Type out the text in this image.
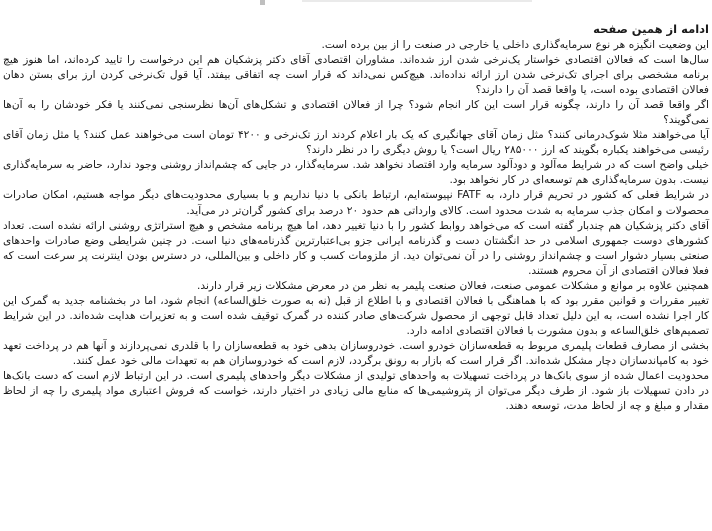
ادامه از همین صفحه

این وضعیت انگیزه هر نوع سرمایه‌گذاری داخلی یا خارجی در صنعت را از بین برده است.

سال‌ها است که فعالان اقتصادی خواستار یک‌نرخی شدن ارز شده‌اند. مشاوران اقتصادی آقای دکتر پزشکیان هم این درخواست را تایید کرده‌اند، اما هنوز هیچ برنامه مشخصی برای اجرای تک‌نرخی شدن ارز ارائه نداده‌اند. هیچ‌کس نمی‌داند که قرار است چه اتفاقی بیفتد. آیا قول تک‌نرخی کردن ارز برای بستن دهان فعالان اقتصادی بوده است، یا واقعا قصد آن را دارند؟

اگر واقعا قصد آن را دارند، چگونه قرار است این کار انجام شود؟ چرا از فعالان اقتصادی و تشکل‌های آن‌ها نظرسنجی نمی‌کنند یا فکر خودشان را به آن‌ها نمی‌گویند؟

آیا می‌خواهند مثلا شوک‌درمانی کنند؟ مثل زمان آقای جهانگیری که یک بار اعلام کردند ارز تک‌نرخی و ۴۲۰۰ تومان است می‌خواهند عمل کنند؟ یا مثل زمان آقای رئیسی می‌خواهند یکباره بگویند که ارز ۲۸۵۰۰۰ ریال است؟ یا روش دیگری را در نظر دارند؟

خیلی واضح است که در شرایط مه‌آلود و دودآلود سرمایه وارد اقتصاد نخواهد شد. سرمایه‌گذار، در جایی که چشم‌انداز روشنی وجود ندارد، حاضر به سرمایه‌گذاری نیست. بدون سرمایه‌گذاری هم توسعه‌ای در کار نخواهد بود.

در شرایط فعلی که کشور در تحریم قرار دارد، به FATF نپیوسته‌ایم، ارتباط بانکی با دنیا نداریم و با بسیاری محدودیت‌های دیگر مواجه هستیم، امکان صادرات محصولات و امکان جذب سرمایه به شدت محدود است. کالای وارداتی هم حدود ۲۰ درصد برای کشور گران‌تر در می‌آید.

آقای دکتر پزشکیان هم چندبار گفته است که می‌خواهد روابط کشور را با دنیا تغییر دهد، اما هیچ برنامه مشخص و هیچ استراتژی روشنی ارائه نشده است. تعداد کشورهای دوست جمهوری اسلامی در حد انگشتان دست و گذرنامه ایرانی جزو بی‌اعتبارترین گذرنامه‌های دنیا است. در چنین شرایطی وضع صادرات واحدهای صنعتی بسیار دشوار است و چشم‌انداز روشنی را در آن نمی‌توان دید. از ملزومات کسب و کار داخلی و بین‌المللی، در دسترس بودن اینترنت پر سرعت است که فعلا فعالان اقتصادی از آن محروم هستند.

همچنین علاوه بر موانع و مشکلات عمومی صنعت، فعالان صنعت پلیمر به نظر من در معرض مشکلات زیر قرار دارند.

تغییر مقررات و قوانین مقرر بود که با هماهنگی با فعالان اقتصادی و با اطلاع از قبل (نه به صورت خلق‌الساعه) انجام شود، اما در بخشنامه جدید به گمرک این کار اجرا نشده است، به این دلیل تعداد قابل توجهی از محصول شرکت‌های صادر کننده در گمرک توقیف شده است و به تعزیرات هدایت شده‌اند. در این شرایط تصمیم‌های خلق‌الساعه و بدون مشورت با فعالان اقتصادی ادامه دارد.

بخشی از مصارف قطعات پلیمری مربوط به قطعه‌سازان خودرو است. خودروسازان بدهی خود به قطعه‌سازان را با قلدری نمی‌پردازند و آنها هم در پرداخت تعهد خود به کامپاندسازان دچار مشکل شده‌اند. اگر قرار است که بازار به رونق برگردد، لازم است که خودروسازان هم به تعهدات مالی خود عمل کنند.

محدودیت اعمال شده از سوی بانک‌ها در پرداخت تسهیلات به واحدهای تولیدی از مشکلات دیگر واحدهای پلیمری است. در این ارتباط لازم است که دست بانک‌ها در دادن تسهیلات باز شود. از طرف دیگر می‌توان از پتروشیمی‌ها که منابع مالی زیادی در اختیار دارند، خواست که فروش اعتباری مواد پلیمری را چه از لحاظ مقدار و مبلغ و چه از لحاظ مدت، توسعه دهند.
